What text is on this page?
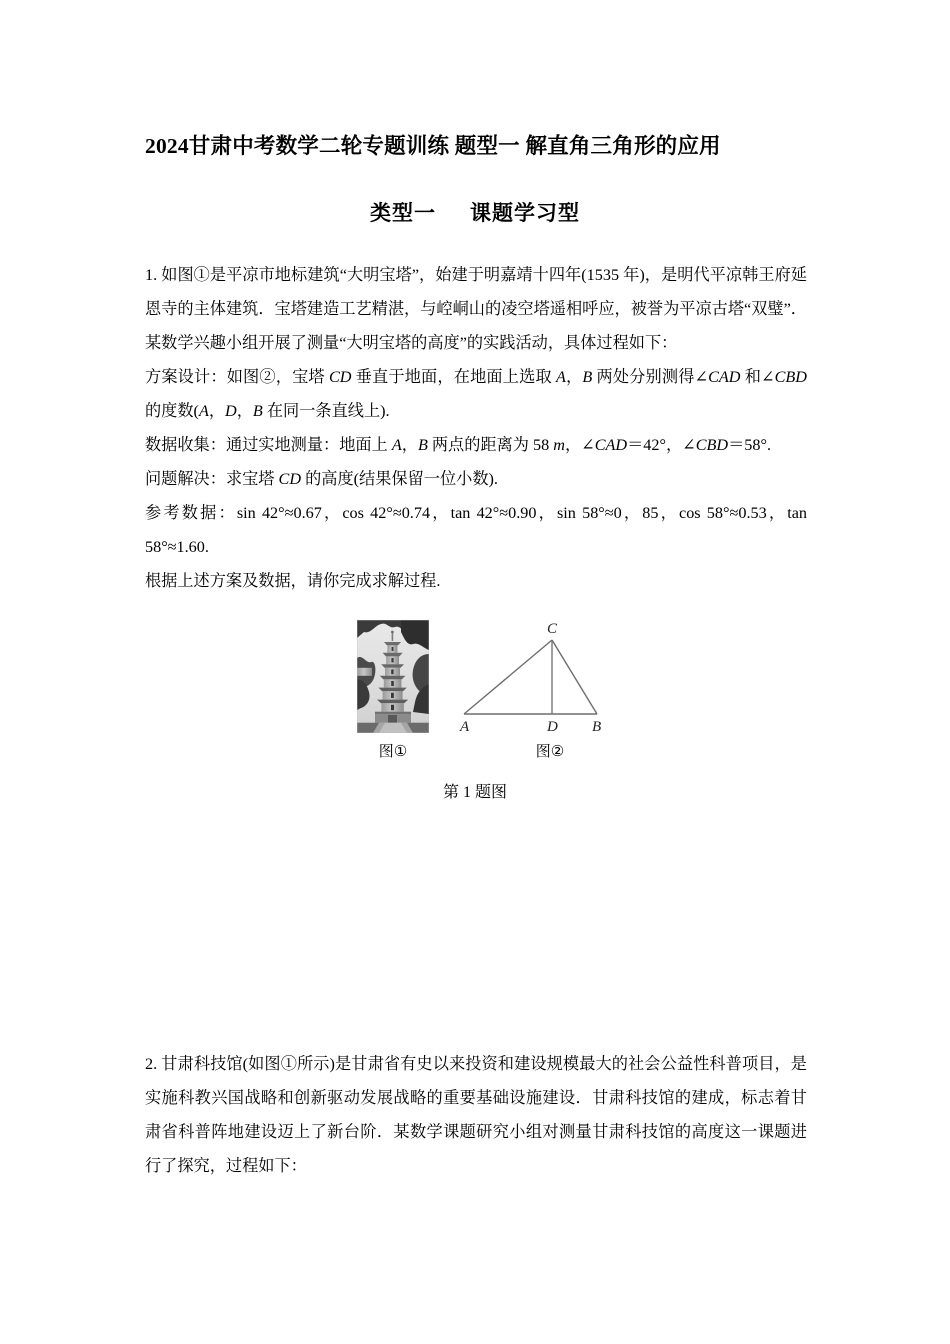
2024甘肃中考数学二轮专题训练 题型一 解直角三角形的应用
类型一 课题学习型

1. 如图①是平凉市地标建筑“大明宝塔”，始建于明嘉靖十四年(1535 年)，是明代平凉韩王府延恩寺的主体建筑．宝塔建造工艺精湛，与崆峒山的凌空塔遥相呼应，被誉为平凉古塔“双璧”．某数学兴趣小组开展了测量“大明宝塔的高度”的实践活动，具体过程如下：

方案设计：如图②，宝塔 CD 垂直于地面，在地面上选取 A，B 两处分别测得∠CAD 和∠CBD 的度数(A，D，B 在同一条直线上).

数据收集：通过实地测量：地面上 A，B 两点的距离为 58 m，∠CAD＝42°，∠CBD＝58°.

问题解决：求宝塔 CD 的高度(结果保留一位小数).

参考数据：sin 42°≈0.67，cos 42°≈0.74，tan 42°≈0.90，sin 58°≈0，85，cos 58°≈0.53，tan 58°≈1.60.

根据上述方案及数据，请你完成求解过程.

A	D B
C
图①	图②
第 1 题图

2. 甘肃科技馆(如图①所示)是甘肃省有史以来投资和建设规模最大的社会公益性科普项目，是实施科教兴国战略和创新驱动发展战略的重要基础设施建设．甘肃科技馆的建成，标志着甘肃省科普阵地建设迈上了新台阶．某数学课题研究小组对测量甘肃科技馆的高度这一课题进行了探究，过程如下：
